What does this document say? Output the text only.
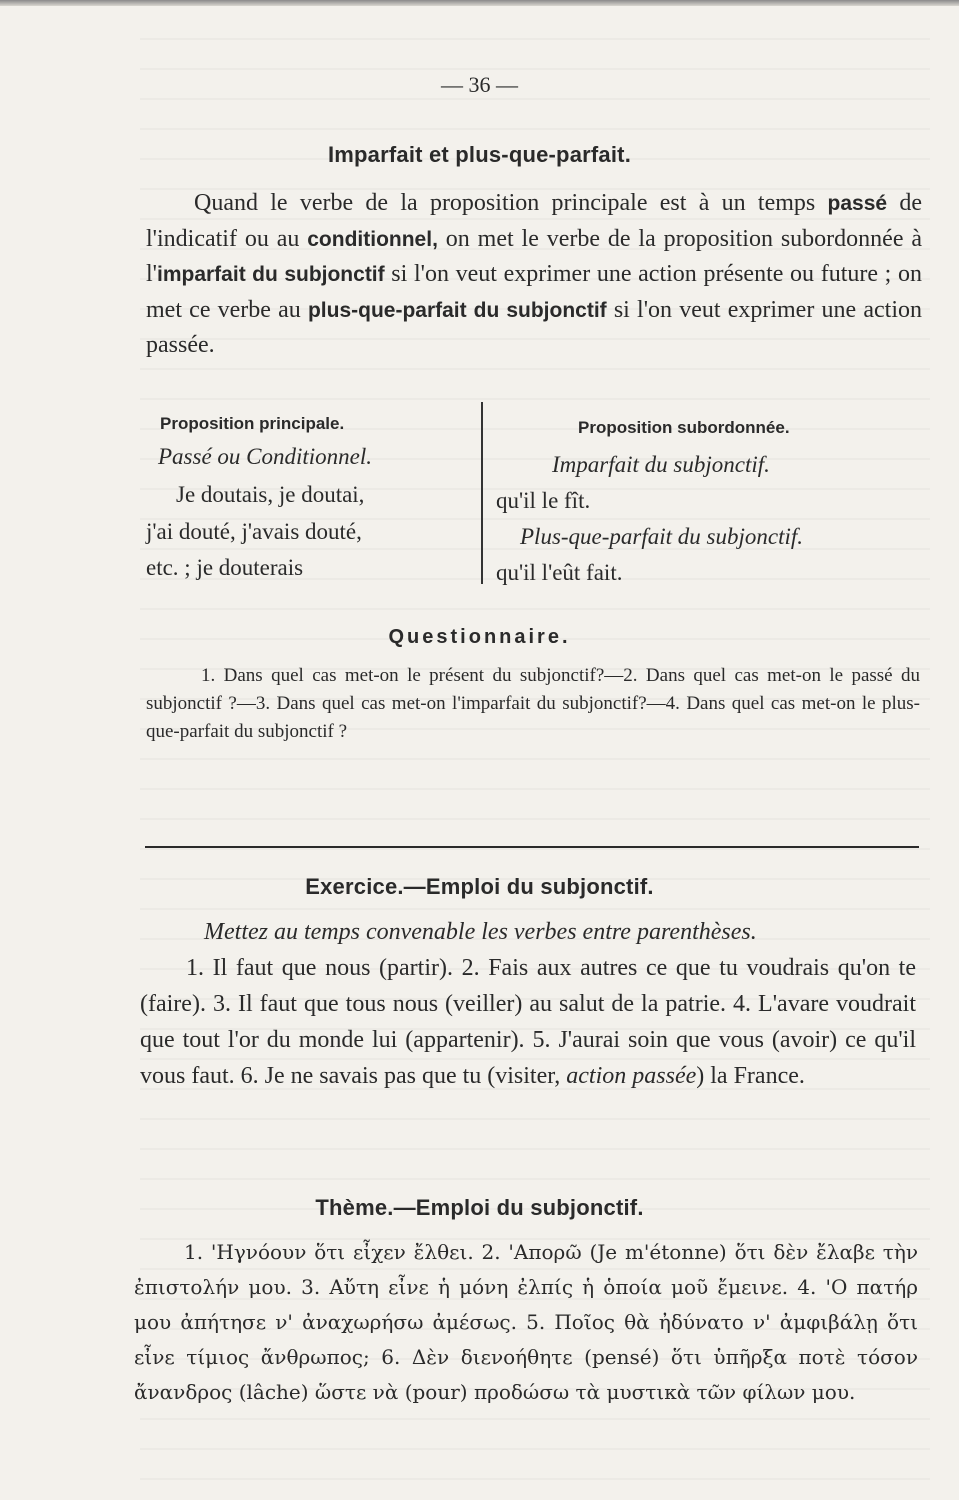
— 36 —
Imparfait et plus-que-parfait.
Quand le verbe de la proposition principale est à un temps passé de l'indicatif ou au conditionnel, on met le verbe de la proposition subordonnée à l'imparfait du subjonctif si l'on veut exprimer une action présente ou future ; on met ce verbe au plus-que-parfait du subjonctif si l'on veut exprimer une action passée.
Proposition principale.
Passé ou Conditionnel.
Je doutais, je doutai,
j'ai douté, j'avais douté,
etc. ; je douterais
Proposition subordonnée.
Imparfait du subjonctif.
qu'il le fît.
Plus-que-parfait du subjonctif.
qu'il l'eût fait.
Questionnaire.
1. Dans quel cas met-on le présent du subjonctif?—2. Dans quel cas met-on le passé du subjonctif ?—3. Dans quel cas met-on l'imparfait du subjonctif?—4. Dans quel cas met-on le plus-que-parfait du subjonctif ?
Exercice.—Emploi du subjonctif.
Mettez au temps convenable les verbes entre parenthèses.
1. Il faut que nous (partir). 2. Fais aux autres ce que tu voudrais qu'on te (faire). 3. Il faut que tous nous (veiller) au salut de la patrie. 4. L'avare voudrait que tout l'or du monde lui (appartenir). 5. J'aurai soin que vous (avoir) ce qu'il vous faut. 6. Je ne savais pas que tu (visiter, action passée) la France.
Thème.—Emploi du subjonctif.
1. 'Ηγνόουν ὅτι εἶχεν ἔλθει. 2. 'Απορῶ (Je m'étonne) ὅτι δὲν ἔλαβε τὴν ἐπιστολήν μου. 3. Αὔτη εἶνε ἡ μόνη ἐλπίς ἡ ὁποία μοῦ ἔμεινε. 4. 'Ο πατήρ μου ἀπήτησε ν' ἀναχωρήσω ἀμέσως. 5. Ποῖος θὰ ἠδύνατο ν' ἀμφιβάλῃ ὅτι εἶνε τίμιος ἄνθρωπος; 6. Δὲν διενοήθητε (pensé) ὅτι ὑπῆρξα ποτὲ τόσον ἄνανδρος (lâche) ὥστε νὰ (pour) προδώσω τὰ μυστικὰ τῶν φίλων μου.
